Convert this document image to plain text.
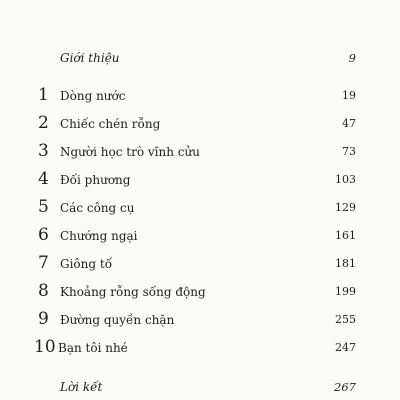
Giới thiệu	9
1 Dòng nước	19
2 Chiếc chén rỗng	47
3 Người học trò vĩnh cửu	73
4 Đối phương	103
5 Các công cụ	129
6 Chướng ngại	161
7 Giông tố	181
8 Khoảng rỗng sống động	199
9 Đường quyền chặn	255
10 Bạn tôi nhé	247
Lời kết	267
